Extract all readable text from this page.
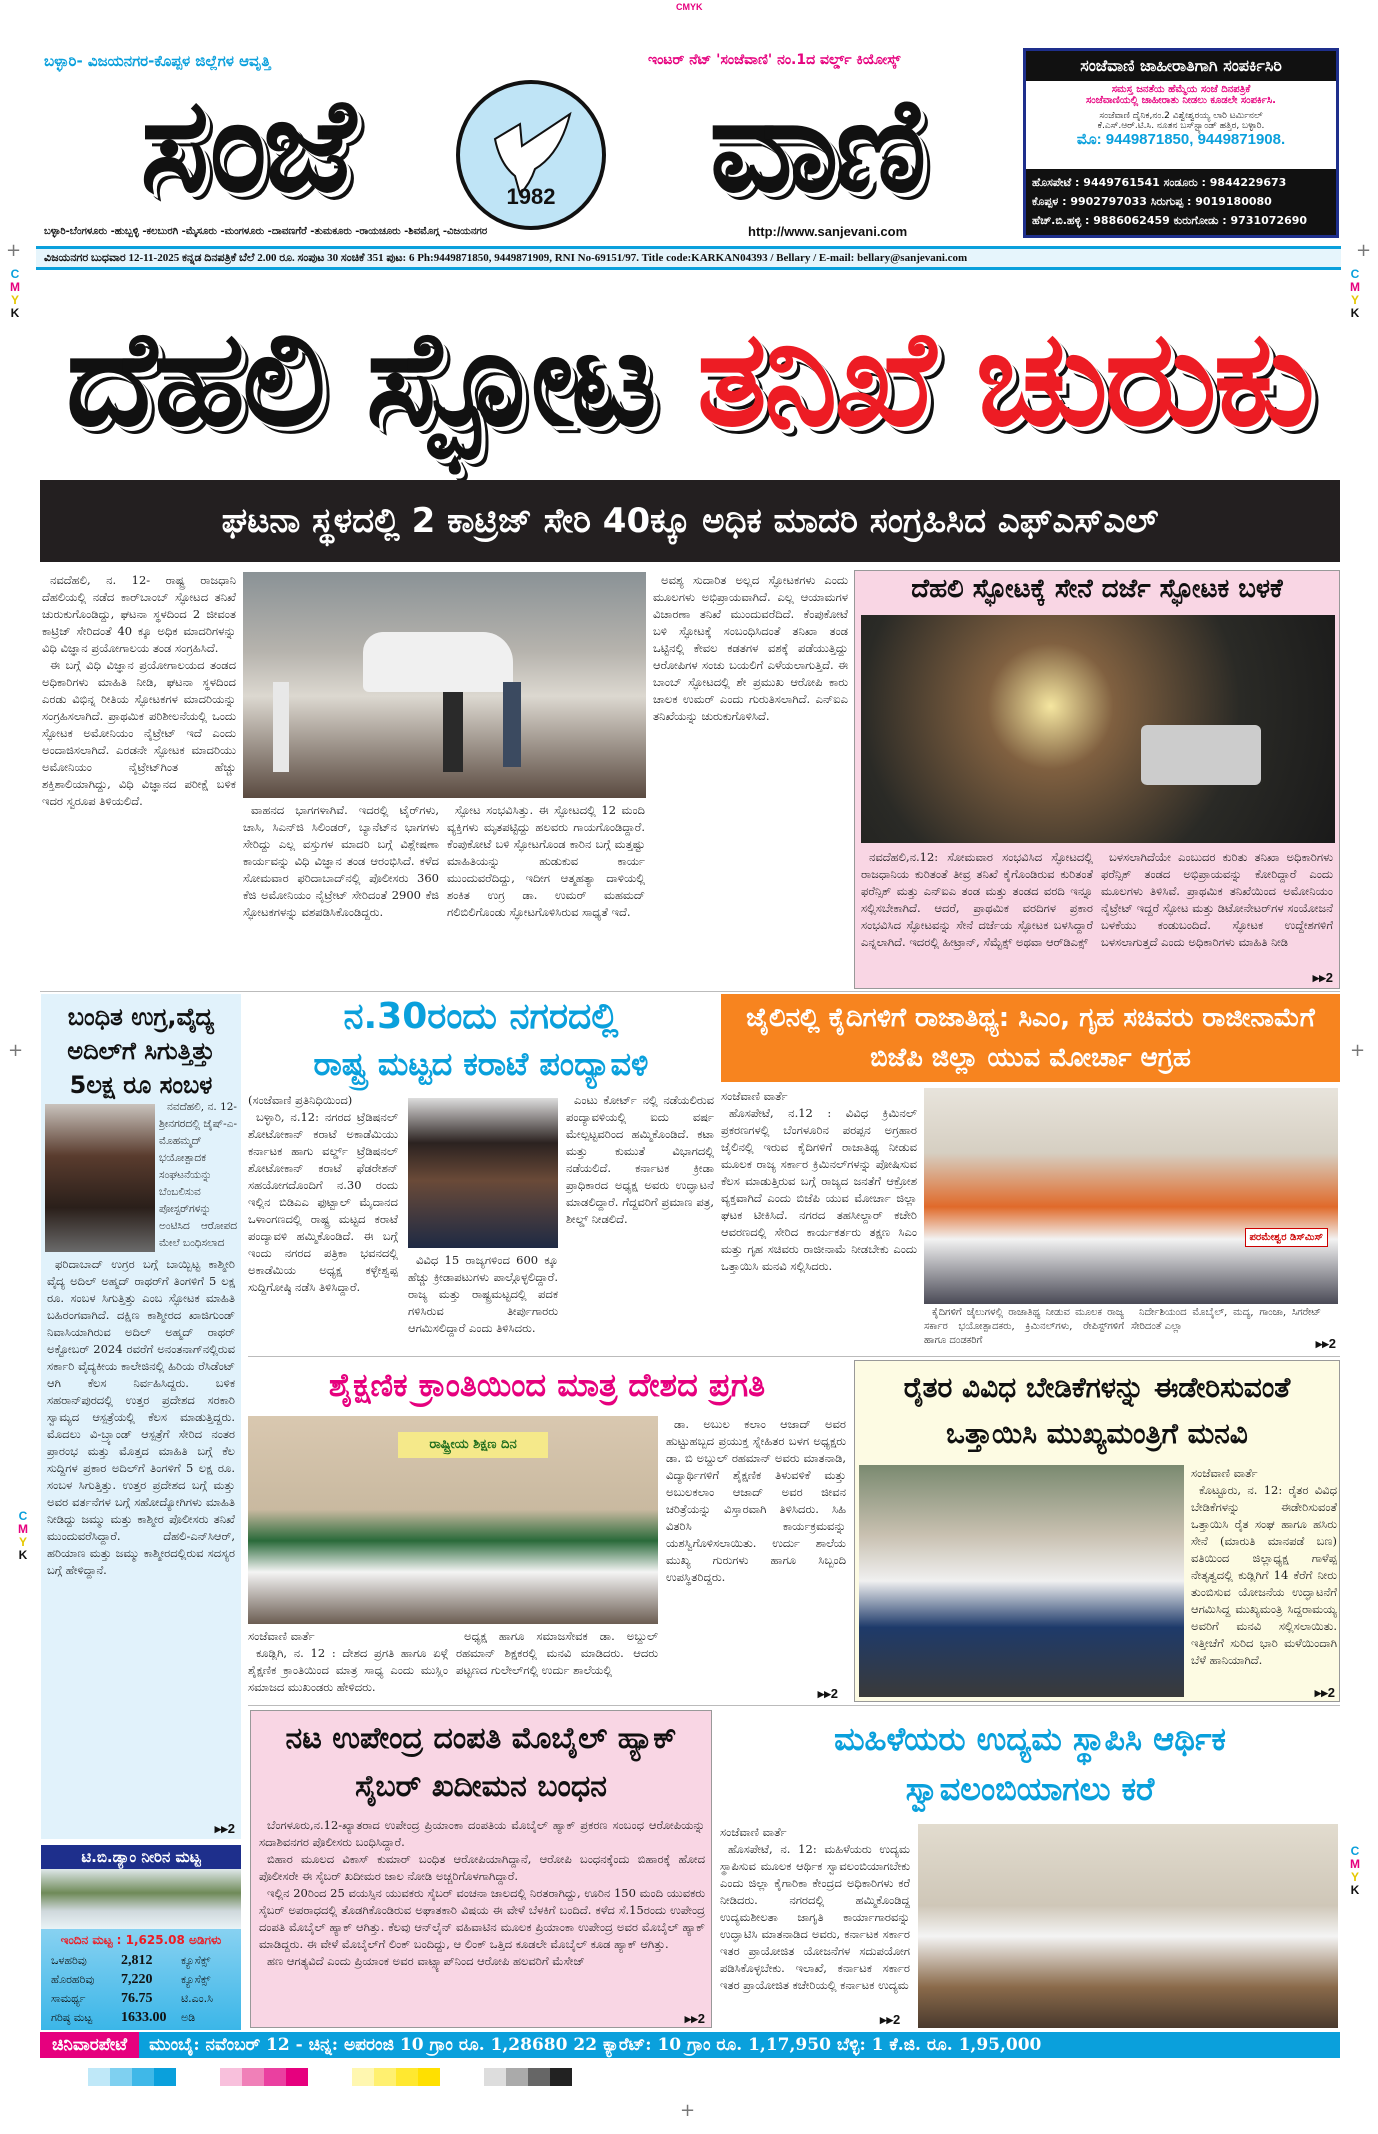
CMYK
C
M
Y
K
C
M
Y
K
C
M
Y
K
C
M
Y
K
+	+
+	+
+
ಬಳ್ಳಾರಿ- ವಿಜಯನಗರ-ಕೊಪ್ಪಳ ಜಿಲ್ಲೆಗಳ ಆವೃತ್ತಿ	ಇಂಟರ್ ನೆಟ್ 'ಸಂಜೆವಾಣಿ' ನಂ.1ದ ವರ್ಲ್ಡ್ ಕಿಯೋಸ್ಕ್
ಸಂಜೆ	1982	ವಾಣಿ
ಬಳ್ಳಾರಿ-ಬೆಂಗಳೂರು -ಹುಬ್ಬಳ್ಳಿ -ಕಲಬುರಗಿ -ಮೈಸೂರು -ಮಂಗಳೂರು -ದಾವಣಗೆರೆ -ತುಮಕೂರು -ರಾಯಚೂರು -ಶಿವಮೊಗ್ಗ -ವಿಜಯನಗರ	http://www.sanjevani.com
ಸಂಜೆವಾಣಿ ಜಾಹೀರಾತಿಗಾಗಿ ಸಂಪರ್ಕಿಸಿರಿ
ಸಮಸ್ತ ಜನತೆಯ ಹೆಮ್ಮೆಯ ಸಂಜೆ ದಿನಪತ್ರಿಕೆ
ಸಂಜೆವಾಣಿಯಲ್ಲಿ ಜಾಹೀರಾತು ನೀಡಲು ಕೂಡಲೇ ಸಂಪರ್ಕಿಸಿ.
ಸಂಜೆವಾಣಿ ದೈನಿಕ,ನಂ.2 ವಿಶ್ವೇಶ್ವರಯ್ಯ ಲಾರಿ ಟರ್ಮಿನಲ್
ಕೆ.ಎಸ್.ಆರ್.ಟಿ.ಸಿ. ನೂತನ ಬಸ್‌ಸ್ಟ್ಯಾಂಡ್ ಹತ್ತಿರ, ಬಳ್ಳಾರಿ.
ಮೊ: 9449871850, 9449871908.
ಹೊಸಪೇಟೆ : 9449761541 ಸಂಡೂರು : 9844229673
ಕೊಪ್ಪಳ : 9902797033 ಸಿರುಗುಪ್ಪ : 9019180080
ಹೆಚ್.ಬಿ.ಹಳ್ಳಿ : 9886062459 ಕುರುಗೋಡು : 9731072690
ವಿಜಯನಗರ ಬುಧವಾರ 12-11-2025 ಕನ್ನಡ ದಿನಪತ್ರಿಕೆ ಬೆಲೆ 2.00 ರೂ. ಸಂಪುಟ 30 ಸಂಚಿಕೆ 351 ಪುಟ: 6 Ph:9449871850, 9449871909, RNI No-69151/97. Title code:KARKAN04393 / Bellary / E-mail: bellary@sanjevani.com
ದೆಹಲಿ ಸ್ಫೋಟ ತನಿಖೆ ಚುರುಕು
ಘಟನಾ ಸ್ಥಳದಲ್ಲಿ 2 ಕಾಟ್ರಿಜ್ ಸೇರಿ 40ಕ್ಕೂ ಅಧಿಕ ಮಾದರಿ ಸಂಗ್ರಹಿಸಿದ ಎಫ್‌ಎಸ್‌ಎಲ್

ನವದೆಹಲಿ, ನ. 12- ರಾಷ್ಟ್ರ ರಾಜಧಾನಿ ದೆಹಲಿಯಲ್ಲಿ ನಡೆದ ಕಾರ್‌ಬಾಂಬ್ ಸ್ಫೋಟದ ತನಿಖೆ ಚುರುಕುಗೊಂಡಿದ್ದು, ಘಟನಾ ಸ್ಥಳದಿಂದ 2 ಜೀವಂತ ಕಾಟ್ರಿಜ್ ಸೇರಿದಂತೆ 40 ಕ್ಕೂ ಅಧಿಕ ಮಾದರಿಗಳನ್ನು ವಿಧಿ ವಿಜ್ಞಾನ ಪ್ರಯೋಗಾಲಯ ತಂಡ ಸಂಗ್ರಹಿಸಿದೆ.

ಈ ಬಗ್ಗೆ ವಿಧಿ ವಿಜ್ಞಾನ ಪ್ರಯೋಗಾಲಯದ ತಂಡದ ಅಧಿಕಾರಿಗಳು ಮಾಹಿತಿ ನೀಡಿ, ಘಟನಾ ಸ್ಥಳದಿಂದ ಎರಡು ವಿಭಿನ್ನ ರೀತಿಯ ಸ್ಫೋಟಕಗಳ ಮಾದರಿಯನ್ನು ಸಂಗ್ರಹಿಸಲಾಗಿದೆ. ಪ್ರಾಥಮಿಕ ಪರಿಶೀಲನೆಯಲ್ಲಿ ಒಂದು ಸ್ಫೋಟಕ ಅಮೋನಿಯಂ ನೈಟ್ರೇಟ್ ಇದೆ ಎಂದು ಅಂದಾಜಿಸಲಾಗಿದೆ. ಎರಡನೇ ಸ್ಫೋಟಕ ಮಾದರಿಯು ಅಮೋನಿಯಂ ನೈಟ್ರೇಟ್‌ಗಿಂತ ಹೆಚ್ಚು ಶಕ್ತಿಶಾಲಿಯಾಗಿದ್ದು, ವಿಧಿ ವಿಜ್ಞಾನದ ಪರೀಕ್ಷೆ ಬಳಿಕ ಇದರ ಸ್ವರೂಪ ತಿಳಿಯಲಿದೆ.

ವಾಹನದ ಭಾಗಗಳಾಗಿವೆ. ಇದರಲ್ಲಿ ಟೈರ್‌ಗಳು, ಚಾಸಿ, ಸಿಎನ್‌ಜಿ ಸಿಲಿಂಡರ್, ಬ್ಯಾನೆಟ್‌ನ ಭಾಗಗಳು ಸೇರಿದ್ದು ಎಲ್ಲ ವಸ್ತುಗಳ ಮಾದರಿ ಬಗ್ಗೆ ವಿಶ್ಲೇಷಣಾ ಕಾರ್ಯವನ್ನು ವಿಧಿ ವಿಜ್ಞಾನ ತಂಡ ಆರಂಭಿಸಿದೆ. ಕಳೆದ ಸೋಮವಾರ ಫರಿದಾಬಾದ್‌ನಲ್ಲಿ ಪೊಲೀಸರು 360 ಕೆಜಿ ಅಮೋನಿಯಂ ನೈಟ್ರೇಟ್ ಸೇರಿದಂತೆ 2900 ಕೆಜಿ ಸ್ಫೋಟಕಗಳನ್ನು ವಶಪಡಿಸಿಕೊಂಡಿದ್ದರು.

ಸ್ಫೋಟ ಸಂಭವಿಸಿತ್ತು. ಈ ಸ್ಫೋಟದಲ್ಲಿ 12 ಮಂದಿ ವ್ಯಕ್ತಿಗಳು ಮೃತಪಟ್ಟಿದ್ದು ಹಲವರು ಗಾಯಗೊಂಡಿದ್ದಾರೆ. ಕೆಂಪುಕೋಟೆ ಬಳಿ ಸ್ಫೋಟಗೊಂಡ ಕಾರಿನ ಬಗ್ಗೆ ಮತ್ತಷ್ಟು ಮಾಹಿತಿಯನ್ನು ಹುಡುಕುವ ಕಾರ್ಯ ಮುಂದುವರೆದಿದ್ದು, ಇದೀಗ ಆತ್ಮಹತ್ಯಾ ದಾಳಿಯಲ್ಲಿ ಶಂಕಿತ ಉಗ್ರ ಡಾ. ಉಮರ್ ಮಹಮದ್ ಗಲಿಬಿಲಿಗೊಂಡು ಸ್ಫೋಟಗೊಳಿಸಿರುವ ಸಾಧ್ಯತೆ ಇದೆ.

ಅವಶ್ಯ ಸುದಾರಿತ ಅಲ್ಲದ ಸ್ಫೋಟಕಗಳು ಎಂದು ಮೂಲಗಳು ಅಭಿಪ್ರಾಯವಾಗಿದೆ. ಎಲ್ಲ ಆಯಾಮಗಳ ವಿಚಾರಣಾ ತನಿಖೆ ಮುಂದುವರೆದಿದೆ. ಕೆಂಪುಕೋಟೆ ಬಳಿ ಸ್ಫೋಟಕ್ಕೆ ಸಂಬಂಧಿಸಿದಂತೆ ತನಿಖಾ ತಂಡ ಒಟ್ಟಿನಲ್ಲಿ ಕೇವಲ ಕಡತಗಳ ವಶಕ್ಕೆ ಪಡೆಯುತ್ತಿದ್ದು ಆರೋಪಿಗಳ ಸಂಚು ಬಯಲಿಗೆ ಎಳೆಯಲಾಗುತ್ತಿದೆ. ಈ ಬಾಂಬ್ ಸ್ಫೋಟದಲ್ಲಿ ಶೇ ಪ್ರಮುಖ ಆರೋಪಿ ಕಾರು ಚಾಲಕ ಉಮರ್ ಎಂದು ಗುರುತಿಸಲಾಗಿದೆ. ಎನ್‌ಐಎ ತನಿಖೆಯನ್ನು ಚುರುಕುಗೊಳಿಸಿದೆ.

ದೆಹಲಿ ಸ್ಫೋಟಕ್ಕೆ ಸೇನೆ ದರ್ಜೆ ಸ್ಫೋಟಕ ಬಳಕೆ

ನವದೆಹಲಿ,ನ.12: ಸೋಮವಾರ ಸಂಭವಿಸಿದ ಸ್ಫೋಟದಲ್ಲಿ ರಾಜಧಾನಿಯ ಕುರಿತಂತೆ ತೀವ್ರ ತನಿಖೆ ಕೈಗೊಂಡಿರುವ ಕುರಿತಂತೆ ಫರೆನ್ಸಿಕ್ ಮತ್ತು ಎನ್‌ಐಎ ತಂಡ ಮತ್ತು ತಂಡದ ವರದಿ ಇನ್ನೂ ಸಲ್ಲಿಸಬೇಕಾಗಿದೆ. ಆದರೆ, ಪ್ರಾಥಮಿಕ ವರದಿಗಳ ಪ್ರಕಾರ ಸಂಭವಿಸಿದ ಸ್ಫೋಟವನ್ನು ಸೇನೆ ದರ್ಜೆಯ ಸ್ಫೋಟಕ ಬಳಸಿದ್ದಾರೆ ಎನ್ನಲಾಗಿದೆ. ಇದರಲ್ಲಿ ಹೀಟ್ರಾನ್, ಸೆಮ್ಟೆಕ್ಸ್ ಅಥವಾ ಆರ್‌ಡಿಎಕ್ಸ್

ಬಳಸಲಾಗಿದೆಯೇ ಎಂಬುದರ ಕುರಿತು ತನಿಖಾ ಅಧಿಕಾರಿಗಳು ಫರೆನ್ಸಿಕ್ ತಂಡದ ಅಭಿಪ್ರಾಯವನ್ನು ಕೋರಿದ್ದಾರೆ ಎಂದು ಮೂಲಗಳು ತಿಳಿಸಿವೆ. ಪ್ರಾಥಮಿಕ ತನಿಖೆಯಿಂದ ಅಮೋನಿಯಂ ನೈಟ್ರೇಟ್ ಇದ್ದರೆ ಸ್ಫೋಟ ಮತ್ತು ಡಿಟೋನೇಟರ್‌ಗಳ ಸಂಯೋಜನೆ ಬಳಕೆಯು ಕಂಡುಬಂದಿದೆ. ಸ್ಫೋಟಕ ಉದ್ದೇಶಗಳಿಗೆ ಬಳಸಲಾಗುತ್ತದೆ ಎಂದು ಅಧಿಕಾರಿಗಳು ಮಾಹಿತಿ ನೀಡಿ

▸▸2
ಬಂಧಿತ ಉಗ್ರ,ವೈದ್ಯ ಅದಿಲ್‌ಗೆ ಸಿಗುತ್ತಿತ್ತು 5ಲಕ್ಷ ರೂ ಸಂಬಳ

ನವದೆಹಲಿ, ನ. 12-ಶ್ರೀನಗರದಲ್ಲಿ ಜೈಷ್-ಎ-ಮೊಹಮ್ಮದ್ ಭಯೋತ್ಪಾದಕ ಸಂಘಟನೆಯನ್ನು ಬೆಂಬಲಿಸುವ ಪೋಸ್ಟರ್‌ಗಳನ್ನು ಅಂಟಿಸಿದ ಆರೋಪದ ಮೇಲೆ ಬಂಧಿಸಲಾದ

ಫರಿದಾಬಾದ್ ಉಗ್ರರ ಬಗ್ಗೆ ಬಾಯ್ಬಿಟ್ಟ ಕಾಶ್ಮೀರಿ ವೈದ್ಯ ಅದಿಲ್ ಅಹ್ಮದ್ ರಾಥರ್‌ಗೆ ತಿಂಗಳಿಗೆ 5 ಲಕ್ಷ ರೂ. ಸಂಬಳ ಸಿಗುತ್ತಿತ್ತು ಎಂಬ ಸ್ಫೋಟಕ ಮಾಹಿತಿ ಬಹಿರಂಗವಾಗಿದೆ. ದಕ್ಷಿಣ ಕಾಶ್ಮೀರದ ಖಾಜಿಗುಂಡ್ ನಿವಾಸಿಯಾಗಿರುವ ಅದಿಲ್ ಅಹ್ಮದ್ ರಾಥರ್ ಅಕ್ಟೋಬರ್ 2024 ರವರೆಗೆ ಅನಂತನಾಗ್‌ನಲ್ಲಿರುವ ಸರ್ಕಾರಿ ವೈದ್ಯಕೀಯ ಕಾಲೇಜಿನಲ್ಲಿ ಹಿರಿಯ ರೆಸಿಡೆಂಟ್ ಆಗಿ ಕೆಲಸ ನಿರ್ವಹಿಸಿದ್ದರು. ಬಳಿಕ ಸಹರಾನ್‌ಪುರದಲ್ಲಿ ಉತ್ತರ ಪ್ರದೇಶದ ಸರಕಾರಿ ಸ್ವಾಮ್ಯದ ಆಸ್ಪತ್ರೆಯಲ್ಲಿ ಕೆಲಸ ಮಾಡುತ್ತಿದ್ದರು. ಮೊದಲು ವಿ-ಬ್ರ್ಯಾಂಡ್ ಆಸ್ಪತ್ರೆಗೆ ಸೇರಿದ ನಂತರ ಪ್ರಾರಂಭ ಮತ್ತು ಮೊತ್ತದ ಮಾಹಿತಿ ಬಗ್ಗೆ ಕೆಲ ಸುದ್ದಿಗಳ ಪ್ರಕಾರ ಅದಿಲ್‌ಗೆ ತಿಂಗಳಿಗೆ 5 ಲಕ್ಷ ರೂ. ಸಂಬಳ ಸಿಗುತ್ತಿತ್ತು. ಉತ್ತರ ಪ್ರದೇಶದ ಬಗ್ಗೆ ಮತ್ತು ಅವರ ವರ್ತನೆಗಳ ಬಗ್ಗೆ ಸಹೋದ್ಯೋಗಿಗಳು ಮಾಹಿತಿ ನೀಡಿದ್ದು ಜಮ್ಮು ಮತ್ತು ಕಾಶ್ಮೀರ ಪೊಲೀಸರು ತನಿಖೆ ಮುಂದುವರೆಸಿದ್ದಾರೆ. ದೆಹಲಿ-ಎನ್‌ಸಿಆರ್, ಹರಿಯಾಣ ಮತ್ತು ಜಮ್ಮು ಕಾಶ್ಮೀರದಲ್ಲಿರುವ ಸದಸ್ಯರ ಬಗ್ಗೆ ಹೇಳಿದ್ದಾನೆ.

▸▸2
ಟಿ.ಬಿ.ಡ್ಯಾಂ ನೀರಿನ ಮಟ್ಟ
ಇಂದಿನ ಮಟ್ಟ : 1,625.08 ಅಡಿಗಳು
ಒಳಹರಿವು	2,812	ಕ್ಯೂಸೆಕ್ಸ್
ಹೊರಹರಿವು	7,220	ಕ್ಯೂಸೆಕ್ಸ್
ಸಾಮರ್ಥ್ಯ	76.75	ಟಿ.ಎಂ.ಸಿ
ಗರಿಷ್ಠ ಮಟ್ಟ	1633.00	ಅಡಿ
ನ.30ರಂದು ನಗರದಲ್ಲಿ
ರಾಷ್ಟ್ರ ಮಟ್ಟದ ಕರಾಟೆ ಪಂದ್ಯಾವಳಿ
(ಸಂಜೆವಾಣಿ ಪ್ರತಿನಿಧಿಯಿಂದ)

ಬಳ್ಳಾರಿ, ನ.12: ನಗರದ ಟ್ರೆಡಿಷನಲ್ ಶೋಟೋಕಾನ್ ಕರಾಟೆ ಅಕಾಡೆಮಿಯು ಕರ್ನಾಟಕ ಹಾಗು ವರ್ಲ್ಡ್ ಟ್ರೆಡಿಷನಲ್ ಶೋಟೋಕಾನ್ ಕರಾಟೆ ಫೆಡರೇಶನ್ ಸಹಯೋಗದೊಂದಿಗೆ ನ.30 ರಂದು ಇಲ್ಲಿನ ಬಿಡಿಎಎ ಫುಟ್ಬಾಲ್ ಮೈದಾನದ ಒಳಾಂಗಣದಲ್ಲಿ ರಾಷ್ಟ್ರ ಮಟ್ಟದ ಕರಾಟೆ ಪಂದ್ಯಾವಳಿ ಹಮ್ಮಿಕೊಂಡಿದೆ. ಈ ಬಗ್ಗೆ ಇಂದು ನಗರದ ಪತ್ರಿಕಾ ಭವನದಲ್ಲಿ ಅಕಾಡೆಮಿಯ ಅಧ್ಯಕ್ಷ ಕಳ್ಳೇಶ್ವಪ್ಪ ಸುದ್ದಿಗೋಷ್ಠಿ ನಡೆಸಿ ತಿಳಿಸಿದ್ದಾರೆ.

ವಿವಿಧ 15 ರಾಜ್ಯಗಳಿಂದ 600 ಕ್ಕೂ ಹೆಚ್ಚು ಕ್ರೀಡಾಪಟುಗಳು ಪಾಲ್ಗೊಳ್ಳಲಿದ್ದಾರೆ. ರಾಜ್ಯ ಮತ್ತು ರಾಷ್ಟ್ರಮಟ್ಟದಲ್ಲಿ ಪದಕ ಗಳಿಸಿರುವ ತೀರ್ಪುಗಾರರು ಆಗಮಿಸಲಿದ್ದಾರೆ ಎಂದು ತಿಳಿಸಿದರು.

ಎಂಟು ಕೋರ್ಟ್ ನಲ್ಲಿ ನಡೆಯಲಿರುವ ಪಂದ್ಯಾವಳಿಯಲ್ಲಿ ಐದು ವರ್ಷ ಮೇಲ್ಪಟ್ಟವರಿಂದ ಹಮ್ಮಿಕೊಂಡಿದೆ. ಕಟಾ ಮತ್ತು ಕುಮುತೆ ವಿಭಾಗದಲ್ಲಿ ನಡೆಯಲಿದೆ. ಕರ್ನಾಟಕ ಕ್ರೀಡಾ ಪ್ರಾಧಿಕಾರದ ಅಧ್ಯಕ್ಷ ಅವರು ಉದ್ಘಾಟನೆ ಮಾಡಲಿದ್ದಾರೆ. ಗೆದ್ದವರಿಗೆ ಪ್ರಮಾಣ ಪತ್ರ, ಶೀಲ್ಡ್ ನೀಡಲಿದೆ.

ಜೈಲಿನಲ್ಲಿ ಕೈದಿಗಳಿಗೆ ರಾಜಾತಿಥ್ಯ: ಸಿಎಂ, ಗೃಹ ಸಚಿವರು ರಾಜೀನಾಮೆಗೆ ಬಿಜೆಪಿ ಜಿಲ್ಲಾ ಯುವ ಮೋರ್ಚಾ ಆಗ್ರಹ
ಸಂಜೆವಾಣಿ ವಾರ್ತೆ

ಹೊಸಪೇಟೆ, ನ.12 : ವಿವಿಧ ಕ್ರಿಮಿನಲ್ ಪ್ರಕರಣಗಳಲ್ಲಿ ಬೆಂಗಳೂರಿನ ಪರಪ್ಪನ ಅಗ್ರಹಾರ ಜೈಲಿನಲ್ಲಿ ಇರುವ ಕೈದಿಗಳಿಗೆ ರಾಜಾತಿಥ್ಯ ನೀಡುವ ಮೂಲಕ ರಾಜ್ಯ ಸರ್ಕಾರ ಕ್ರಿಮಿನಲ್‌ಗಳನ್ನು ಪೋಷಿಸುವ ಕೆಲಸ ಮಾಡುತ್ತಿರುವ ಬಗ್ಗೆ ರಾಜ್ಯದ ಜನತೆಗೆ ಆಕ್ರೋಶ ವ್ಯಕ್ತವಾಗಿದೆ ಎಂದು ಬಿಜೆಪಿ ಯುವ ಮೋರ್ಚಾ ಜಿಲ್ಲಾ ಘಟಕ ಟೀಕಿಸಿದೆ. ನಗರದ ತಹಸೀಲ್ದಾರ್ ಕಚೇರಿ ಆವರಣದಲ್ಲಿ ಸೇರಿದ ಕಾರ್ಯಕರ್ತರು ತಕ್ಷಣ ಸಿಎಂ ಮತ್ತು ಗೃಹ ಸಚಿವರು ರಾಜೀನಾಮೆ ನೀಡಬೇಕು ಎಂದು ಒತ್ತಾಯಿಸಿ ಮನವಿ ಸಲ್ಲಿಸಿದರು.

ಪರಮೇಶ್ವರ ಡಿಸ್‌ಮಿಸ್

ಕೈದಿಗಳಿಗೆ ಜೈಲುಗಳಲ್ಲಿ ರಾಜಾತಿಥ್ಯ ನೀಡುವ ಮೂಲಕ ರಾಜ್ಯ ಸರ್ಕಾರ ಭಯೋತ್ಪಾದಕರು, ಕ್ರಿಮಿನಲ್‌ಗಳು, ರೇಪಿಸ್ಟ್‌ಗಳಿಗೆ ಹಾಗೂ ದಂಡಕರಿಗೆ

ನಿರ್ದೇಶಿಯಂದ ಮೊಬೈಲ್, ಮದ್ಯ, ಗಾಂಜಾ, ಸಿಗರೇಟ್ ಸೇರಿದಂತೆ ಎಲ್ಲಾ

▸▸2
ಶೈಕ್ಷಣಿಕ ಕ್ರಾಂತಿಯಿಂದ ಮಾತ್ರ ದೇಶದ ಪ್ರಗತಿ
ರಾಷ್ಟ್ರೀಯ ಶಿಕ್ಷಣ ದಿನ

ಡಾ. ಅಬುಲ ಕಲಾಂ ಆಜಾದ್ ಅವರ ಹುಟ್ಟುಹಬ್ಬದ ಪ್ರಯುಕ್ತ ಸ್ನೇಹಿತರ ಬಳಗ ಅಧ್ಯಕ್ಷರು ಡಾ. ಬಿ ಅಬ್ದುಲ್ ರಹಮಾನ್ ಅವರು ಮಾತನಾಡಿ, ವಿದ್ಯಾರ್ಥಿಗಳಿಗೆ ಶೈಕ್ಷಣಿಕ ತಿಳುವಳಿಕೆ ಮತ್ತು ಅಬುಲಕಲಾಂ ಆಜಾದ್ ಅವರ ಜೀವನ ಚರಿತ್ರೆಯನ್ನು ವಿಸ್ತಾರವಾಗಿ ತಿಳಿಸಿದರು. ಸಿಹಿ ವಿತರಿಸಿ ಕಾರ್ಯಕ್ರಮವನ್ನು ಯಶಸ್ವಿಗೊಳಿಸಲಾಯಿತು. ಉರ್ದು ಶಾಲೆಯ ಮುಖ್ಯ ಗುರುಗಳು ಹಾಗೂ ಸಿಬ್ಬಂದಿ ಉಪಸ್ಥಿತರಿದ್ದರು.

ಸಂಜೆವಾಣಿ ವಾರ್ತೆ

ಕೂಡ್ಲಿಗಿ, ನ. 12 : ದೇಶದ ಪ್ರಗತಿ ಹಾಗೂ ಏಳ್ಗೆ ಶೈಕ್ಷಣಿಕ ಕ್ರಾಂತಿಯಿಂದ ಮಾತ್ರ ಸಾಧ್ಯ ಎಂದು ಮುಸ್ಲಿಂ ಸಮಾಜದ ಮುಖಂಡರು ಹೇಳಿದರು.

ಅಧ್ಯಕ್ಷ ಹಾಗೂ ಸಮಾಜಸೇವಕ ಡಾ. ಅಬ್ದುಲ್ ರಹಮಾನ್ ಶಿಕ್ಷಕರಲ್ಲಿ ಮನವಿ ಮಾಡಿದರು. ಆದರು ಪಟ್ಟಣದ ಗುಲೇಲ್‌ಗಲ್ಲಿ ಉರ್ದು ಶಾಲೆಯಲ್ಲಿ

▸▸2
ರೈತರ ವಿವಿಧ ಬೇಡಿಕೆಗಳನ್ನು ಈಡೇರಿಸುವಂತೆ ಒತ್ತಾಯಿಸಿ ಮುಖ್ಯಮಂತ್ರಿಗೆ ಮನವಿ
ಸಂಜೆವಾಣಿ ವಾರ್ತೆ

ಕೊಟ್ಟೂರು, ನ. 12: ರೈತರ ವಿವಿಧ ಬೇಡಿಕೆಗಳನ್ನು ಈಡೇರಿಸುವಂತೆ ಒತ್ತಾಯಿಸಿ ರೈತ ಸಂಘ ಹಾಗೂ ಹಸಿರು ಸೇನೆ (ಮಾರುತಿ ಮಾನಪಡೆ ಬಣ) ವತಿಯಿಂದ ಜಿಲ್ಲಾಧ್ಯಕ್ಷ ಗಾಳೆಪ್ಪ ನೇತೃತ್ವದಲ್ಲಿ ಕುಡ್ಲಿಗಿಗೆ 14 ಕೆರೆಗೆ ನೀರು ತುಂಬಿಸುವ ಯೋಜನೆಯ ಉದ್ಘಾಟನೆಗೆ ಆಗಮಿಸಿದ್ದ ಮುಖ್ಯಮಂತ್ರಿ ಸಿದ್ದರಾಮಯ್ಯ ಅವರಿಗೆ ಮನವಿ ಸಲ್ಲಿಸಲಾಯಿತು. ಇತ್ತೀಚೆಗೆ ಸುರಿದ ಭಾರಿ ಮಳೆಯಿಂದಾಗಿ ಬೆಳೆ ಹಾನಿಯಾಗಿದೆ.

▸▸2
ನಟ ಉಪೇಂದ್ರ ದಂಪತಿ ಮೊಬೈಲ್ ಹ್ಯಾಕ್ ಸೈಬರ್ ಖದೀಮನ ಬಂಧನ

ಬೆಂಗಳೂರು,ನ.12-ಖ್ಯಾತರಾದ ಉಪೇಂದ್ರ ಪ್ರಿಯಾಂಕಾ ದಂಪತಿಯ ಮೊಬೈಲ್ ಹ್ಯಾಕ್ ಪ್ರಕರಣ ಸಂಬಂಧ ಆರೋಪಿಯನ್ನು ಸದಾಶಿವನಗರ ಪೊಲೀಸರು ಬಂಧಿಸಿದ್ದಾರೆ.

ಬಿಹಾರ ಮೂಲದ ವಿಕಾಸ್ ಕುಮಾರ್ ಬಂಧಿತ ಆರೋಪಿಯಾಗಿದ್ದಾನೆ, ಆರೋಪಿ ಬಂಧನಕ್ಕೆಂದು ಬಿಹಾರಕ್ಕೆ ಹೋದ ಪೊಲೀಸರೇ ಈ ಸೈಬರ್ ಖದೀಮರ ಜಾಲ ನೋಡಿ ಅಚ್ಚರಿಗೊಳಗಾಗಿದ್ದಾರೆ.

ಇಲ್ಲಿನ 20ರಿಂದ 25 ವಯಸ್ಸಿನ ಯುವಕರು ಸೈಬರ್ ವಂಚನಾ ಜಾಲದಲ್ಲಿ ನಿರತರಾಗಿದ್ದು, ಊರಿನ 150 ಮಂದಿ ಯುವಕರು ಸೈಬರ್ ಅಪರಾಧದಲ್ಲಿ ತೊಡಗಿಕೊಂಡಿರುವ ಅಘಾತಕಾರಿ ವಿಷಯ ಈ ವೇಳೆ ಬೆಳಕಿಗೆ ಬಂದಿದೆ. ಕಳೆದ ಸೆ.15ರಂದು ಉಪೇಂದ್ರ ದಂಪತಿ ಮೊಬೈಲ್ ಹ್ಯಾಕ್ ಆಗಿತ್ತು. ಕೆಲವು ಆನ್‌ಲೈನ್ ವಹಿವಾಟಿನ ಮೂಲಕ ಪ್ರಿಯಾಂಕಾ ಉಪೇಂದ್ರ ಅವರ ಮೊಬೈಲ್ ಹ್ಯಾಕ್ ಮಾಡಿದ್ದರು. ಈ ವೇಳೆ ಮೊಬೈಲ್‌ಗೆ ಲಿಂಕ್ ಬಂದಿದ್ದು, ಆ ಲಿಂಕ್ ಒತ್ತಿದ ಕೂಡಲೇ ಮೊಬೈಲ್ ಕೂಡ ಹ್ಯಾಕ್ ಆಗಿತ್ತು.

ಹಣ ಆಗತ್ಯವಿದೆ ಎಂದು ಪ್ರಿಯಾಂಕ ಅವರ ವಾಟ್ಸ್ಯಾಪ್‌ನಿಂದ ಆರೋಪಿ ಹಲವರಿಗೆ ಮೆಸೇಜ್

▸▸2
ಮಹಿಳೆಯರು ಉದ್ಯಮ ಸ್ಥಾಪಿಸಿ ಆರ್ಥಿಕ ಸ್ವಾವಲಂಬಿಯಾಗಲು ಕರೆ
ಸಂಜೆವಾಣಿ ವಾರ್ತೆ

ಹೊಸಪೇಟೆ, ನ. 12: ಮಹಿಳೆಯರು ಉದ್ಯಮ ಸ್ಥಾಪಿಸುವ ಮೂಲಕ ಆರ್ಥಿಕ ಸ್ವಾವಲಂಬಿಯಾಗಬೇಕು ಎಂದು ಜಿಲ್ಲಾ ಕೈಗಾರಿಕಾ ಕೇಂದ್ರದ ಅಧಿಕಾರಿಗಳು ಕರೆ ನೀಡಿದರು. ನಗರದಲ್ಲಿ ಹಮ್ಮಿಕೊಂಡಿದ್ದ ಉದ್ಯಮಶೀಲತಾ ಜಾಗೃತಿ ಕಾರ್ಯಾಗಾರವನ್ನು ಉದ್ಘಾಟಿಸಿ ಮಾತನಾಡಿದ ಅವರು, ಕರ್ನಾಟಕ ಸರ್ಕಾರ ಇತರ ಪ್ರಾಯೋಜಿತ ಯೋಜನೆಗಳ ಸದುಪಯೋಗ ಪಡಿಸಿಕೊಳ್ಳಬೇಕು. ಇಲಾಖೆ, ಕರ್ನಾಟಕ ಸರ್ಕಾರ ಇತರ ಪ್ರಾಯೋಜಿತ ಕಚೇರಿಯಲ್ಲಿ ಕರ್ನಾಟಕ ಉದ್ಯಮ

▸▸2
ಚಿನಿವಾರಪೇಟೆ	ಮುಂಬೈ: ನವೆಂಬರ್ 12 - ಚಿನ್ನ: ಅಪರಂಜಿ 10 ಗ್ರಾಂ ರೂ. 1,28680 22 ಕ್ಯಾರೆಟ್: 10 ಗ್ರಾಂ ರೂ. 1,17,950 ಬೆಳ್ಳಿ: 1 ಕೆ.ಜಿ. ರೂ. 1,95,000
